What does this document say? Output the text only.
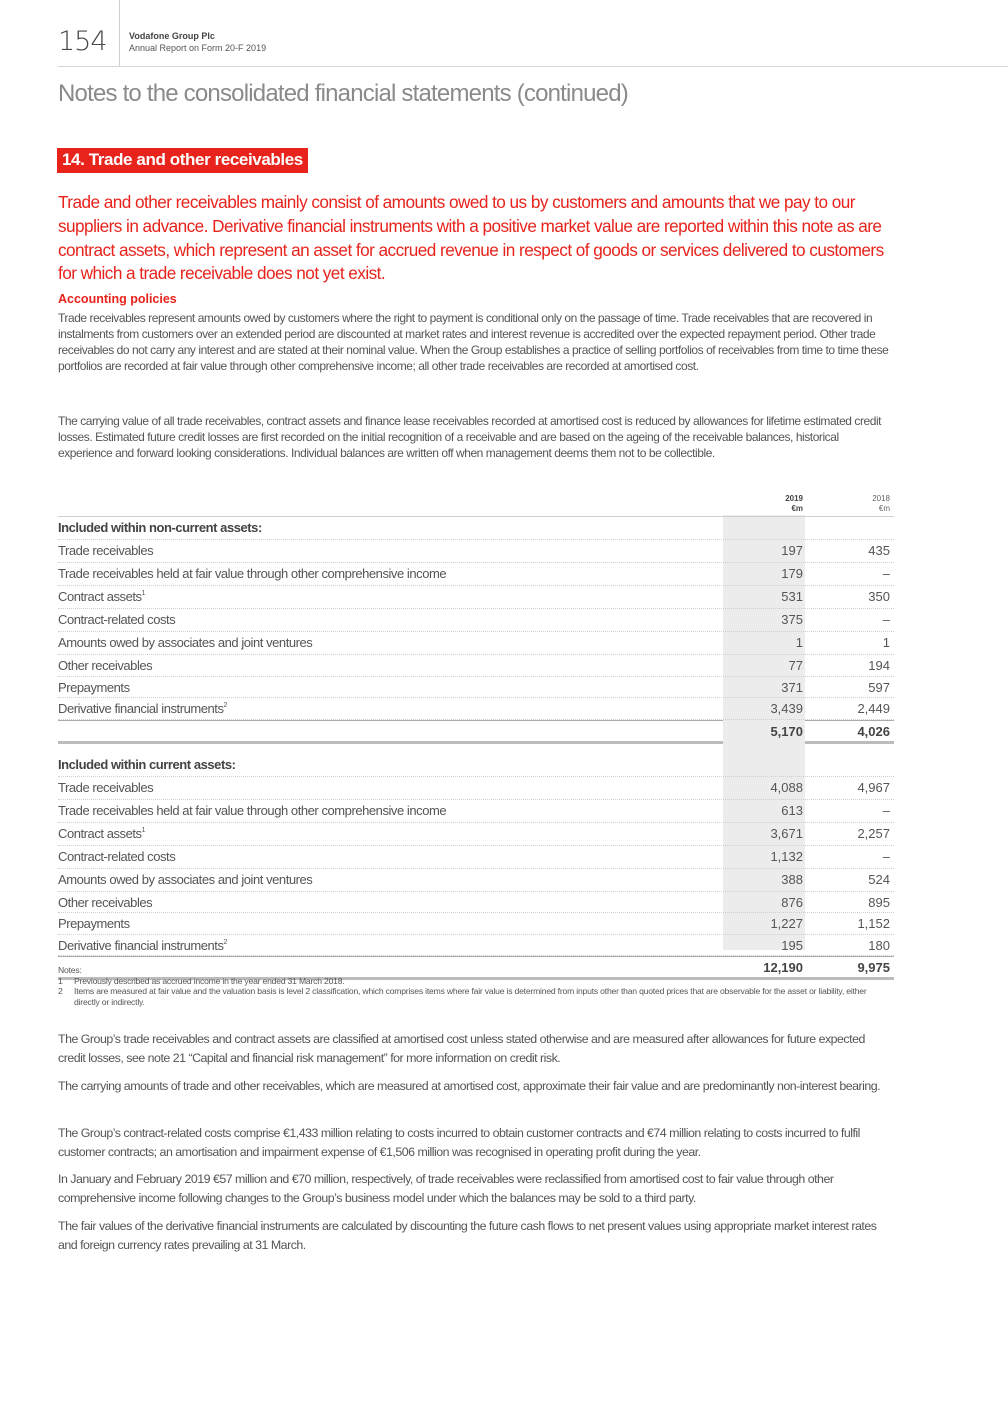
154 Vodafone Group Plc
Annual Report on Form 20-F 2019
Notes to the consolidated financial statements (continued)
14. Trade and other receivables
Trade and other receivables mainly consist of amounts owed to us by customers and amounts that we pay to our suppliers in advance. Derivative financial instruments with a positive market value are reported within this note as are contract assets, which represent an asset for accrued revenue in respect of goods or services delivered to customers for which a trade receivable does not yet exist.
Accounting policies
Trade receivables represent amounts owed by customers where the right to payment is conditional only on the passage of time. Trade receivables that are recovered in instalments from customers over an extended period are discounted at market rates and interest revenue is accredited over the expected repayment period. Other trade receivables do not carry any interest and are stated at their nominal value. When the Group establishes a practice of selling portfolios of receivables from time to time these portfolios are recorded at fair value through other comprehensive income; all other trade receivables are recorded at amortised cost.
The carrying value of all trade receivables, contract assets and finance lease receivables recorded at amortised cost is reduced by allowances for lifetime estimated credit losses. Estimated future credit losses are first recorded on the initial recognition of a receivable and are based on the ageing of the receivable balances, historical experience and forward looking considerations. Individual balances are written off when management deems them not to be collectible.
2019
€m
2018
€m
Included within non-current assets:
Trade receivables	197	435
Trade receivables held at fair value through other comprehensive income	179	–
Contract assets$^1$	531	350
Contract-related costs	375	–
Amounts owed by associates and joint ventures	1	1
Other receivables	77	194
Prepayments	371	597
Derivative financial instruments$^2$	3,439	2,449
5,170	4,026
Included within current assets:
Trade receivables	4,088	4,967
Trade receivables held at fair value through other comprehensive income	613	–
Contract assets$^1$	3,671	2,257
Contract-related costs	1,132	–
Amounts owed by associates and joint ventures	388	524
Other receivables	876	895
Prepayments	1,227	1,152
Derivative financial instruments$^2$	195	180
12,190	9,975
Notes:
1 Previously described as accrued income in the year ended 31 March 2018.
2 Items are measured at fair value and the valuation basis is level 2 classification, which comprises items where fair value is determined from inputs other than quoted prices that are observable for the asset or liability, either directly or indirectly.
The Group’s trade receivables and contract assets are classified at amortised cost unless stated otherwise and are measured after allowances for future expected credit losses, see note 21 “Capital and financial risk management” for more information on credit risk.
The carrying amounts of trade and other receivables, which are measured at amortised cost, approximate their fair value and are predominantly non-interest bearing.
The Group’s contract-related costs comprise €1,433 million relating to costs incurred to obtain customer contracts and €74 million relating to costs incurred to fulfil customer contracts; an amortisation and impairment expense of €1,506 million was recognised in operating profit during the year.
In January and February 2019 €57 million and €70 million, respectively, of trade receivables were reclassified from amortised cost to fair value through other comprehensive income following changes to the Group’s business model under which the balances may be sold to a third party.
The fair values of the derivative financial instruments are calculated by discounting the future cash flows to net present values using appropriate market interest rates and foreign currency rates prevailing at 31 March.
